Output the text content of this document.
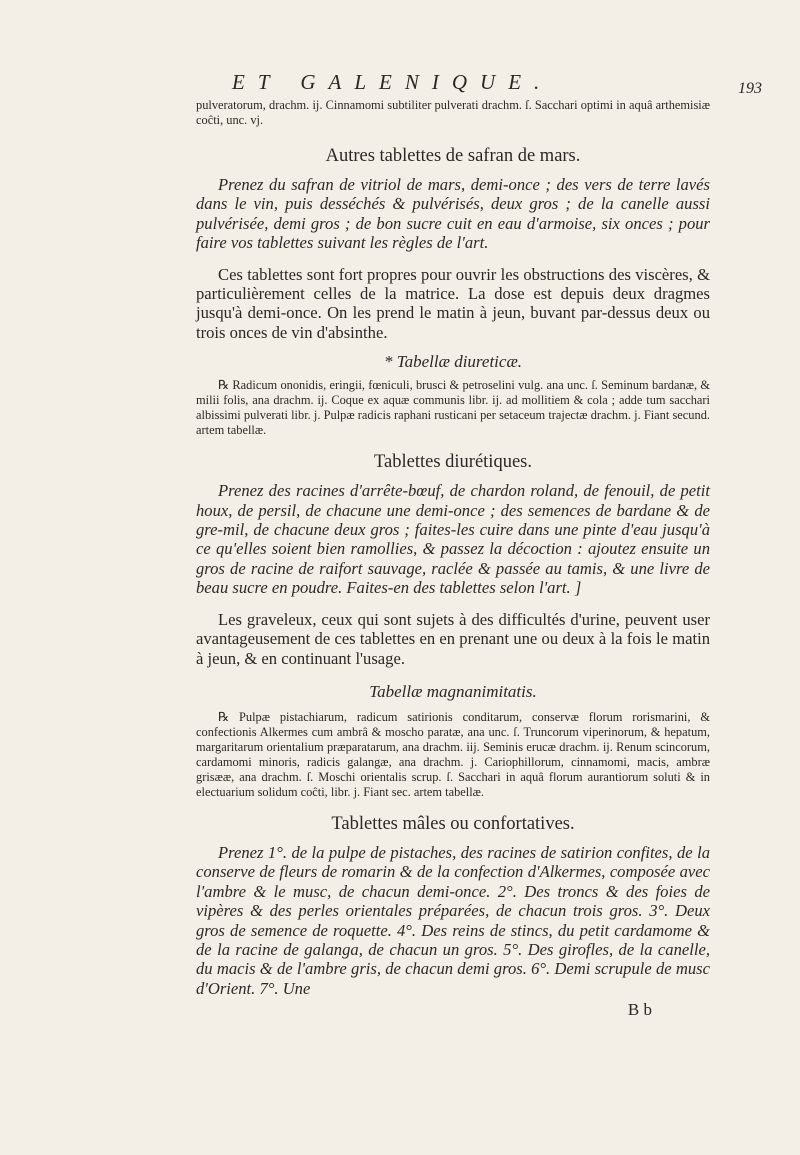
ET GALENIQUE.	193

pulveratorum, drachm. ij. Cinnamomi subtiliter pulverati drachm. ſ. Sacchari optimi in aquâ arthemisiæ coĉti, unc. vj.

Autres tablettes de safran de mars.

Prenez du safran de vitriol de mars, demi-once ; des vers de terre lavés dans le vin, puis desséchés & pulvérisés, deux gros ; de la canelle aussi pulvérisée, demi gros ; de bon sucre cuit en eau d'armoise, six onces ; pour faire vos tablettes suivant les règles de l'art.

Ces tablettes sont fort propres pour ouvrir les obstructions des viscères, & particulièrement celles de la matrice. La dose est depuis deux dragmes jusqu'à demi-once. On les prend le matin à jeun, buvant par-dessus deux ou trois onces de vin d'absinthe.

* Tabellæ diureticæ.

℞ Radicum ononidis, eringii, fœniculi, brusci & petroselini vulg. ana unc. ſ. Seminum bardanæ, & milii folis, ana drachm. ij. Coque ex aquæ communis libr. ij. ad mollitiem & cola ; adde tum sacchari albissimi pulverati libr. j. Pulpæ radicis raphani rusticani per setaceum trajectæ drachm. j. Fiant secund. artem tabellæ.

Tablettes diurétiques.

Prenez des racines d'arrête-bœuf, de chardon roland, de fenouil, de petit houx, de persil, de chacune une demi-once ; des semences de bardane & de gre-mil, de chacune deux gros ; faites-les cuire dans une pinte d'eau jusqu'à ce qu'elles soient bien ramollies, & passez la décoction : ajoutez ensuite un gros de racine de raifort sauvage, raclée & passée au tamis, & une livre de beau sucre en poudre. Faites-en des tablettes selon l'art. ]

Les graveleux, ceux qui sont sujets à des difficultés d'urine, peuvent user avantageusement de ces tablettes en en prenant une ou deux à la fois le matin à jeun, & en continuant l'usage.

Tabellæ magnanimitatis.

℞ Pulpæ pistachiarum, radicum satirionis conditarum, conservæ florum rorismarini, & confectionis Alkermes cum ambrâ & moscho paratæ, ana unc. ſ. Truncorum viperinorum, & hepatum, margaritarum orientalium præparatarum, ana drachm. iij. Seminis erucæ drachm. ij. Renum scincorum, cardamomi minoris, radicis galangæ, ana drachm. j. Cariophillorum, cinnamomi, macis, ambræ grisææ, ana drachm. ſ. Moschi orientalis scrup. ſ. Sacchari in aquâ florum aurantiorum soluti & in electuarium solidum coĉti, libr. j. Fiant sec. artem tabellæ.

Tablettes mâles ou confortatives.

Prenez 1°. de la pulpe de pistaches, des racines de satirion confites, de la conserve de fleurs de romarin & de la confection d'Alkermes, composée avec l'ambre & le musc, de chacun demi-once. 2°. Des troncs & des foies de vipères & des perles orientales préparées, de chacun trois gros. 3°. Deux gros de semence de roquette. 4°. Des reins de stincs, du petit cardamome & de la racine de galanga, de chacun un gros. 5°. Des girofles, de la canelle, du macis & de l'ambre gris, de chacun demi gros. 6°. Demi scrupule de musc d'Orient. 7°. Une

B b
